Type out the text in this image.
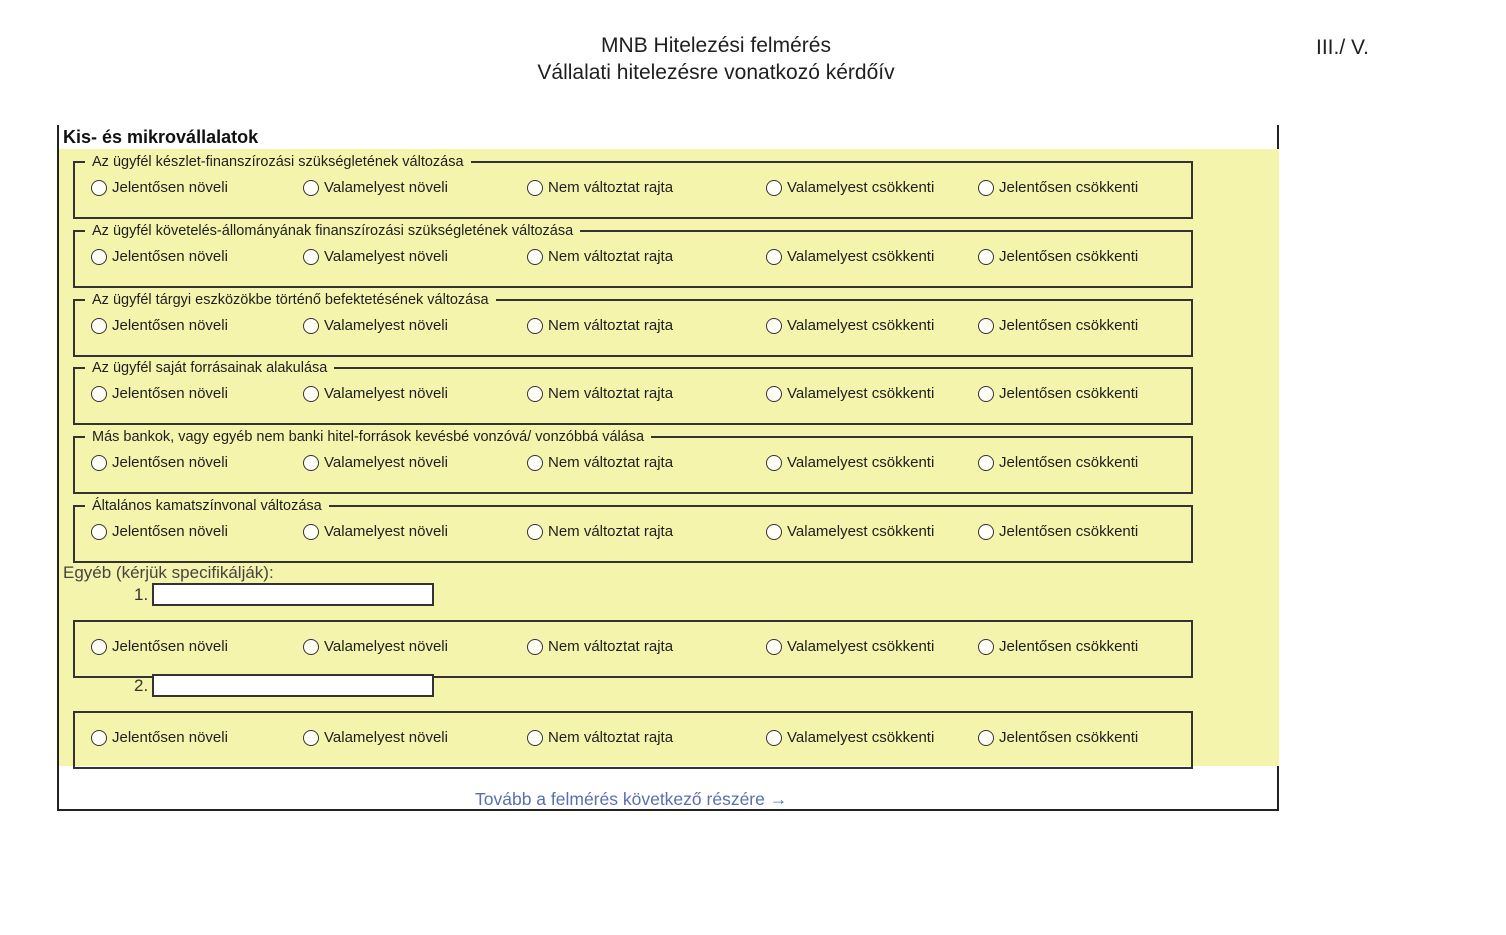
MNB Hitelezési felmérés
Vállalati hitelezésre vonatkozó kérdőív
III./ V.
Kis- és mikrovállalatok
Az ügyfél készlet-finanszírozási szükségletének változása
Jelentősen növeli	Valamelyest növeli	Nem változtat rajta	Valamelyest csökkenti	Jelentősen csökkenti
Az ügyfél követelés-állományának finanszírozási szükségletének változása
Jelentősen növeli	Valamelyest növeli	Nem változtat rajta	Valamelyest csökkenti	Jelentősen csökkenti
Az ügyfél tárgyi eszközökbe történő befektetésének változása
Jelentősen növeli	Valamelyest növeli	Nem változtat rajta	Valamelyest csökkenti	Jelentősen csökkenti
Az ügyfél saját forrásainak alakulása
Jelentősen növeli	Valamelyest növeli	Nem változtat rajta	Valamelyest csökkenti	Jelentősen csökkenti
Más bankok, vagy egyéb nem banki hitel-források kevésbé vonzóvá/ vonzóbbá válása
Jelentősen növeli	Valamelyest növeli	Nem változtat rajta	Valamelyest csökkenti	Jelentősen csökkenti
Általános kamatszínvonal változása
Jelentősen növeli	Valamelyest növeli	Nem változtat rajta	Valamelyest csökkenti	Jelentősen csökkenti
Egyéb (kérjük specifikálják):
1.
Jelentősen növeli	Valamelyest növeli	Nem változtat rajta	Valamelyest csökkenti	Jelentősen csökkenti
2.
Jelentősen növeli	Valamelyest növeli	Nem változtat rajta	Valamelyest csökkenti	Jelentősen csökkenti
Tovább a felmérés következő részére →
